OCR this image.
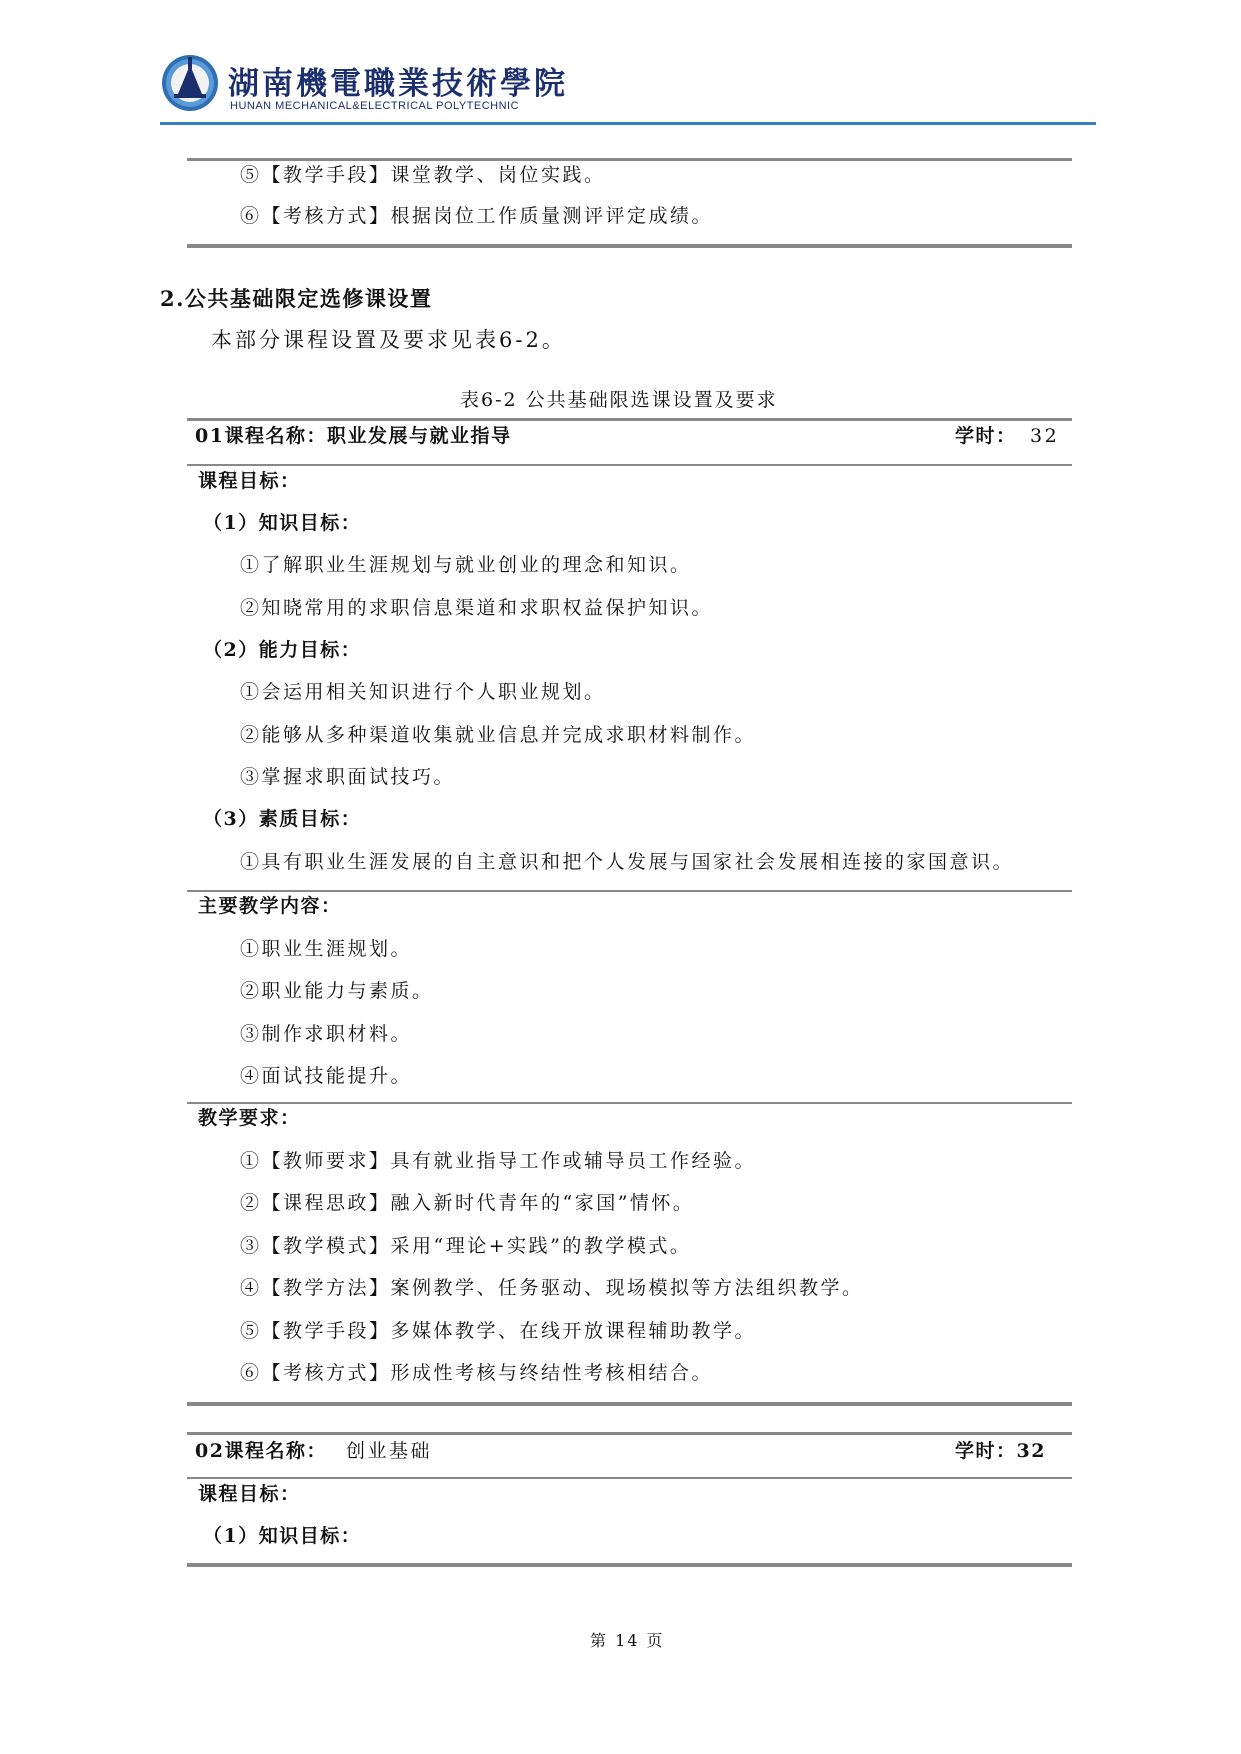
湖南機電職業技術學院
HUNAN MECHANICAL&ELECTRICAL POLYTECHNIC
⑤【教学手段】课堂教学、岗位实践。
⑥【考核方式】根据岗位工作质量测评评定成绩。
2.公共基础限定选修课设置
本部分课程设置及要求见表6-2。
表6-2 公共基础限选课设置及要求
01课程名称：职业发展与就业指导	学时： 32
课程目标：
（1）知识目标：
①了解职业生涯规划与就业创业的理念和知识。
②知晓常用的求职信息渠道和求职权益保护知识。
（2）能力目标：
①会运用相关知识进行个人职业规划。
②能够从多种渠道收集就业信息并完成求职材料制作。
③掌握求职面试技巧。
（3）素质目标：
①具有职业生涯发展的自主意识和把个人发展与国家社会发展相连接的家国意识。
主要教学内容：
①职业生涯规划。
②职业能力与素质。
③制作求职材料。
④面试技能提升。
教学要求：
①【教师要求】具有就业指导工作或辅导员工作经验。
②【课程思政】融入新时代青年的“家国”情怀。
③【教学模式】采用“理论+实践”的教学模式。
④【教学方法】案例教学、任务驱动、现场模拟等方法组织教学。
⑤【教学手段】多媒体教学、在线开放课程辅助教学。
⑥【考核方式】形成性考核与终结性考核相结合。
02课程名称： 创业基础	学时：32
课程目标：
（1）知识目标：
第 14 页
